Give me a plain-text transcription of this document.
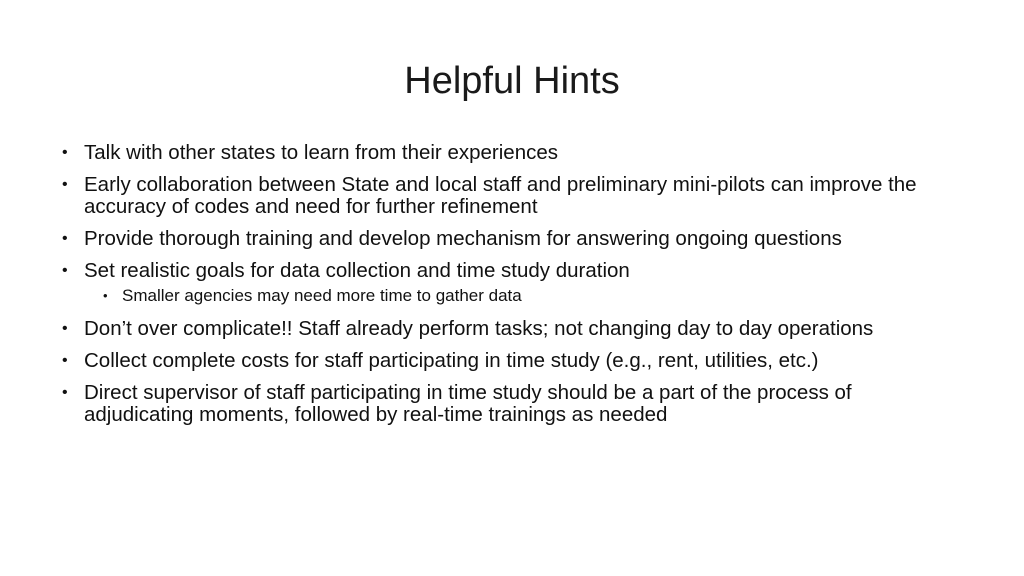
Helpful Hints
• Talk with other states to learn from their experiences
• Early collaboration between State and local staff and preliminary mini-pilots can improve the accuracy of codes and need for further refinement
• Provide thorough training and develop mechanism for answering ongoing questions
• Set realistic goals for data collection and time study duration
• Smaller agencies may need more time to gather data
• Don’t over complicate!! Staff already perform tasks; not changing day to day operations
• Collect complete costs for staff participating in time study (e.g., rent, utilities, etc.)
• Direct supervisor of staff participating in time study should be a part of the process of adjudicating moments, followed by real-time trainings as needed
